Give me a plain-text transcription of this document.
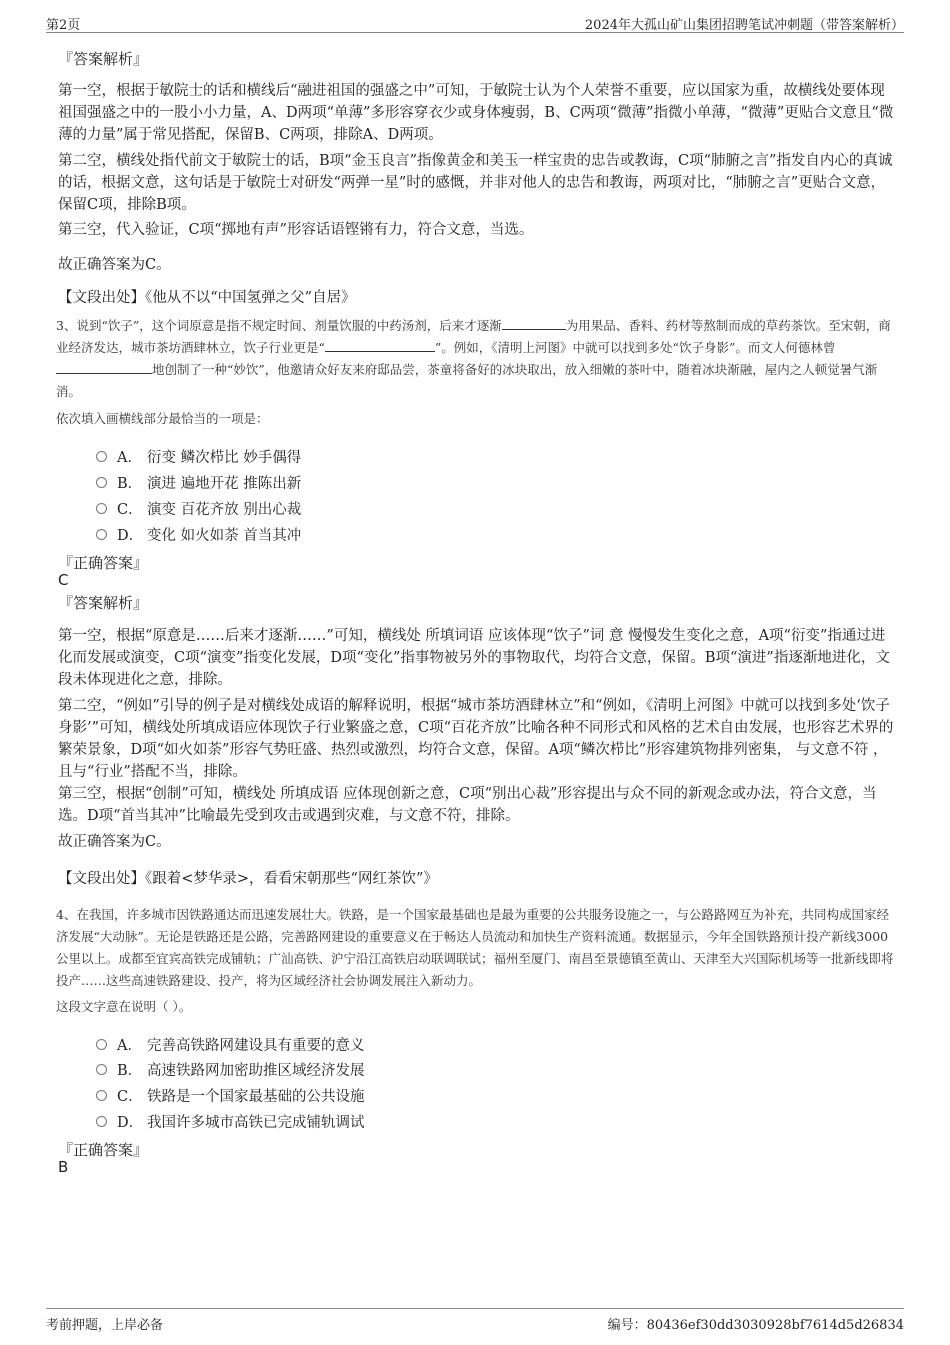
第2页	2024年大孤山矿山集团招聘笔试冲刺题（带答案解析）
『答案解析』

第一空，根据于敏院士的话和横线后“融进祖国的强盛之中”可知，于敏院士认为个人荣誉不重要，应以国家为重，故横线处要体现祖国强盛之中的一股小小力量，A、D两项“单薄”多形容穿衣少或身体瘦弱，B、C两项“微薄”指微小单薄，“微薄”更贴合文意且“微薄的力量”属于常见搭配，保留B、C两项，排除A、D两项。

第二空，横线处指代前文于敏院士的话，B项“金玉良言”指像黄金和美玉一样宝贵的忠告或教诲，C项“肺腑之言”指发自内心的真诚的话，根据文意，这句话是于敏院士对研发“两弹一星”时的感慨，并非对他人的忠告和教诲，两项对比，“肺腑之言”更贴合文意，保留C项，排除B项。

第三空，代入验证，C项“掷地有声”形容话语铿锵有力，符合文意，当选。

故正确答案为C。

【文段出处】《他从不以“中国氢弹之父”自居》

3、说到“饮子”，这个词原意是指不规定时间、剂量饮服的中药汤剂，后来才逐渐	为用果品、香料、药材等熬制而成的草药茶饮。至宋朝，商业经济发达，城市茶坊酒肆林立，饮子行业更是“	”。例如，《清明上河图》中就可以找到多处“饮子身影”。而文人何德林曾地创制了一种“妙饮”，他邀请众好友来府邸品尝，茶童将备好的冰块取出，放入细嫩的茶叶中，随着冰块渐融，屋内之人顿觉暑气渐消。

依次填入画横线部分最恰当的一项是：

A． 衍变 鳞次栉比 妙手偶得
B． 演进 遍地开花 推陈出新
C． 演变 百花齐放 别出心裁
D． 变化 如火如荼 首当其冲
『正确答案』
C
『答案解析』

第一空，根据“原意是……后来才逐渐……”可知，横线处 所填词语 应该体现“饮子”词 意 慢慢发生变化之意，A项“衍变”指通过进化而发展或演变，C项“演变”指变化发展，D项“变化”指事物被另外的事物取代，均符合文意，保留。B项“演进”指逐渐地进化，文段未体现进化之意，排除。

第二空，“例如”引导的例子是对横线处成语的解释说明，根据“城市茶坊酒肆林立”和“例如，《清明上河图》中就可以找到多处‘饮子身影’”可知，横线处所填成语应体现饮子行业繁盛之意，C项“百花齐放”比喻各种不同形式和风格的艺术自由发展，也形容艺术界的繁荣景象，D项“如火如荼”形容气势旺盛、热烈或激烈，均符合文意，保留。A项“鳞次栉比”形容建筑物排列密集， 与文意不符 ，且与“行业”搭配不当，排除。

第三空，根据“创制”可知，横线处 所填成语 应体现创新之意，C项“别出心裁”形容提出与众不同的新观念或办法，符合文意，当选。D项“首当其冲”比喻最先受到攻击或遇到灾难，与文意不符，排除。

故正确答案为C。

【文段出处】《跟着<梦华录>，看看宋朝那些“网红茶饮”》

4、在我国，许多城市因铁路通达而迅速发展壮大。铁路，是一个国家最基础也是最为重要的公共服务设施之一，与公路路网互为补充，共同构成国家经济发展“大动脉”。无论是铁路还是公路，完善路网建设的重要意义在于畅达人员流动和加快生产资料流通。数据显示，今年全国铁路预计投产新线3000公里以上。成都至宜宾高铁完成铺轨；广汕高铁、沪宁沿江高铁启动联调联试；福州至厦门、南昌至景德镇至黄山、天津至大兴国际机场等一批新线即将投产……这些高速铁路建设、投产，将为区域经济社会协调发展注入新动力。

这段文字意在说明（ ）。

A． 完善高铁路网建设具有重要的意义
B． 高速铁路网加密助推区域经济发展
C． 铁路是一个国家最基础的公共设施
D． 我国许多城市高铁已完成铺轨调试
『正确答案』
B
考前押题，上岸必备	编号：80436ef30dd3030928bf7614d5d26834
